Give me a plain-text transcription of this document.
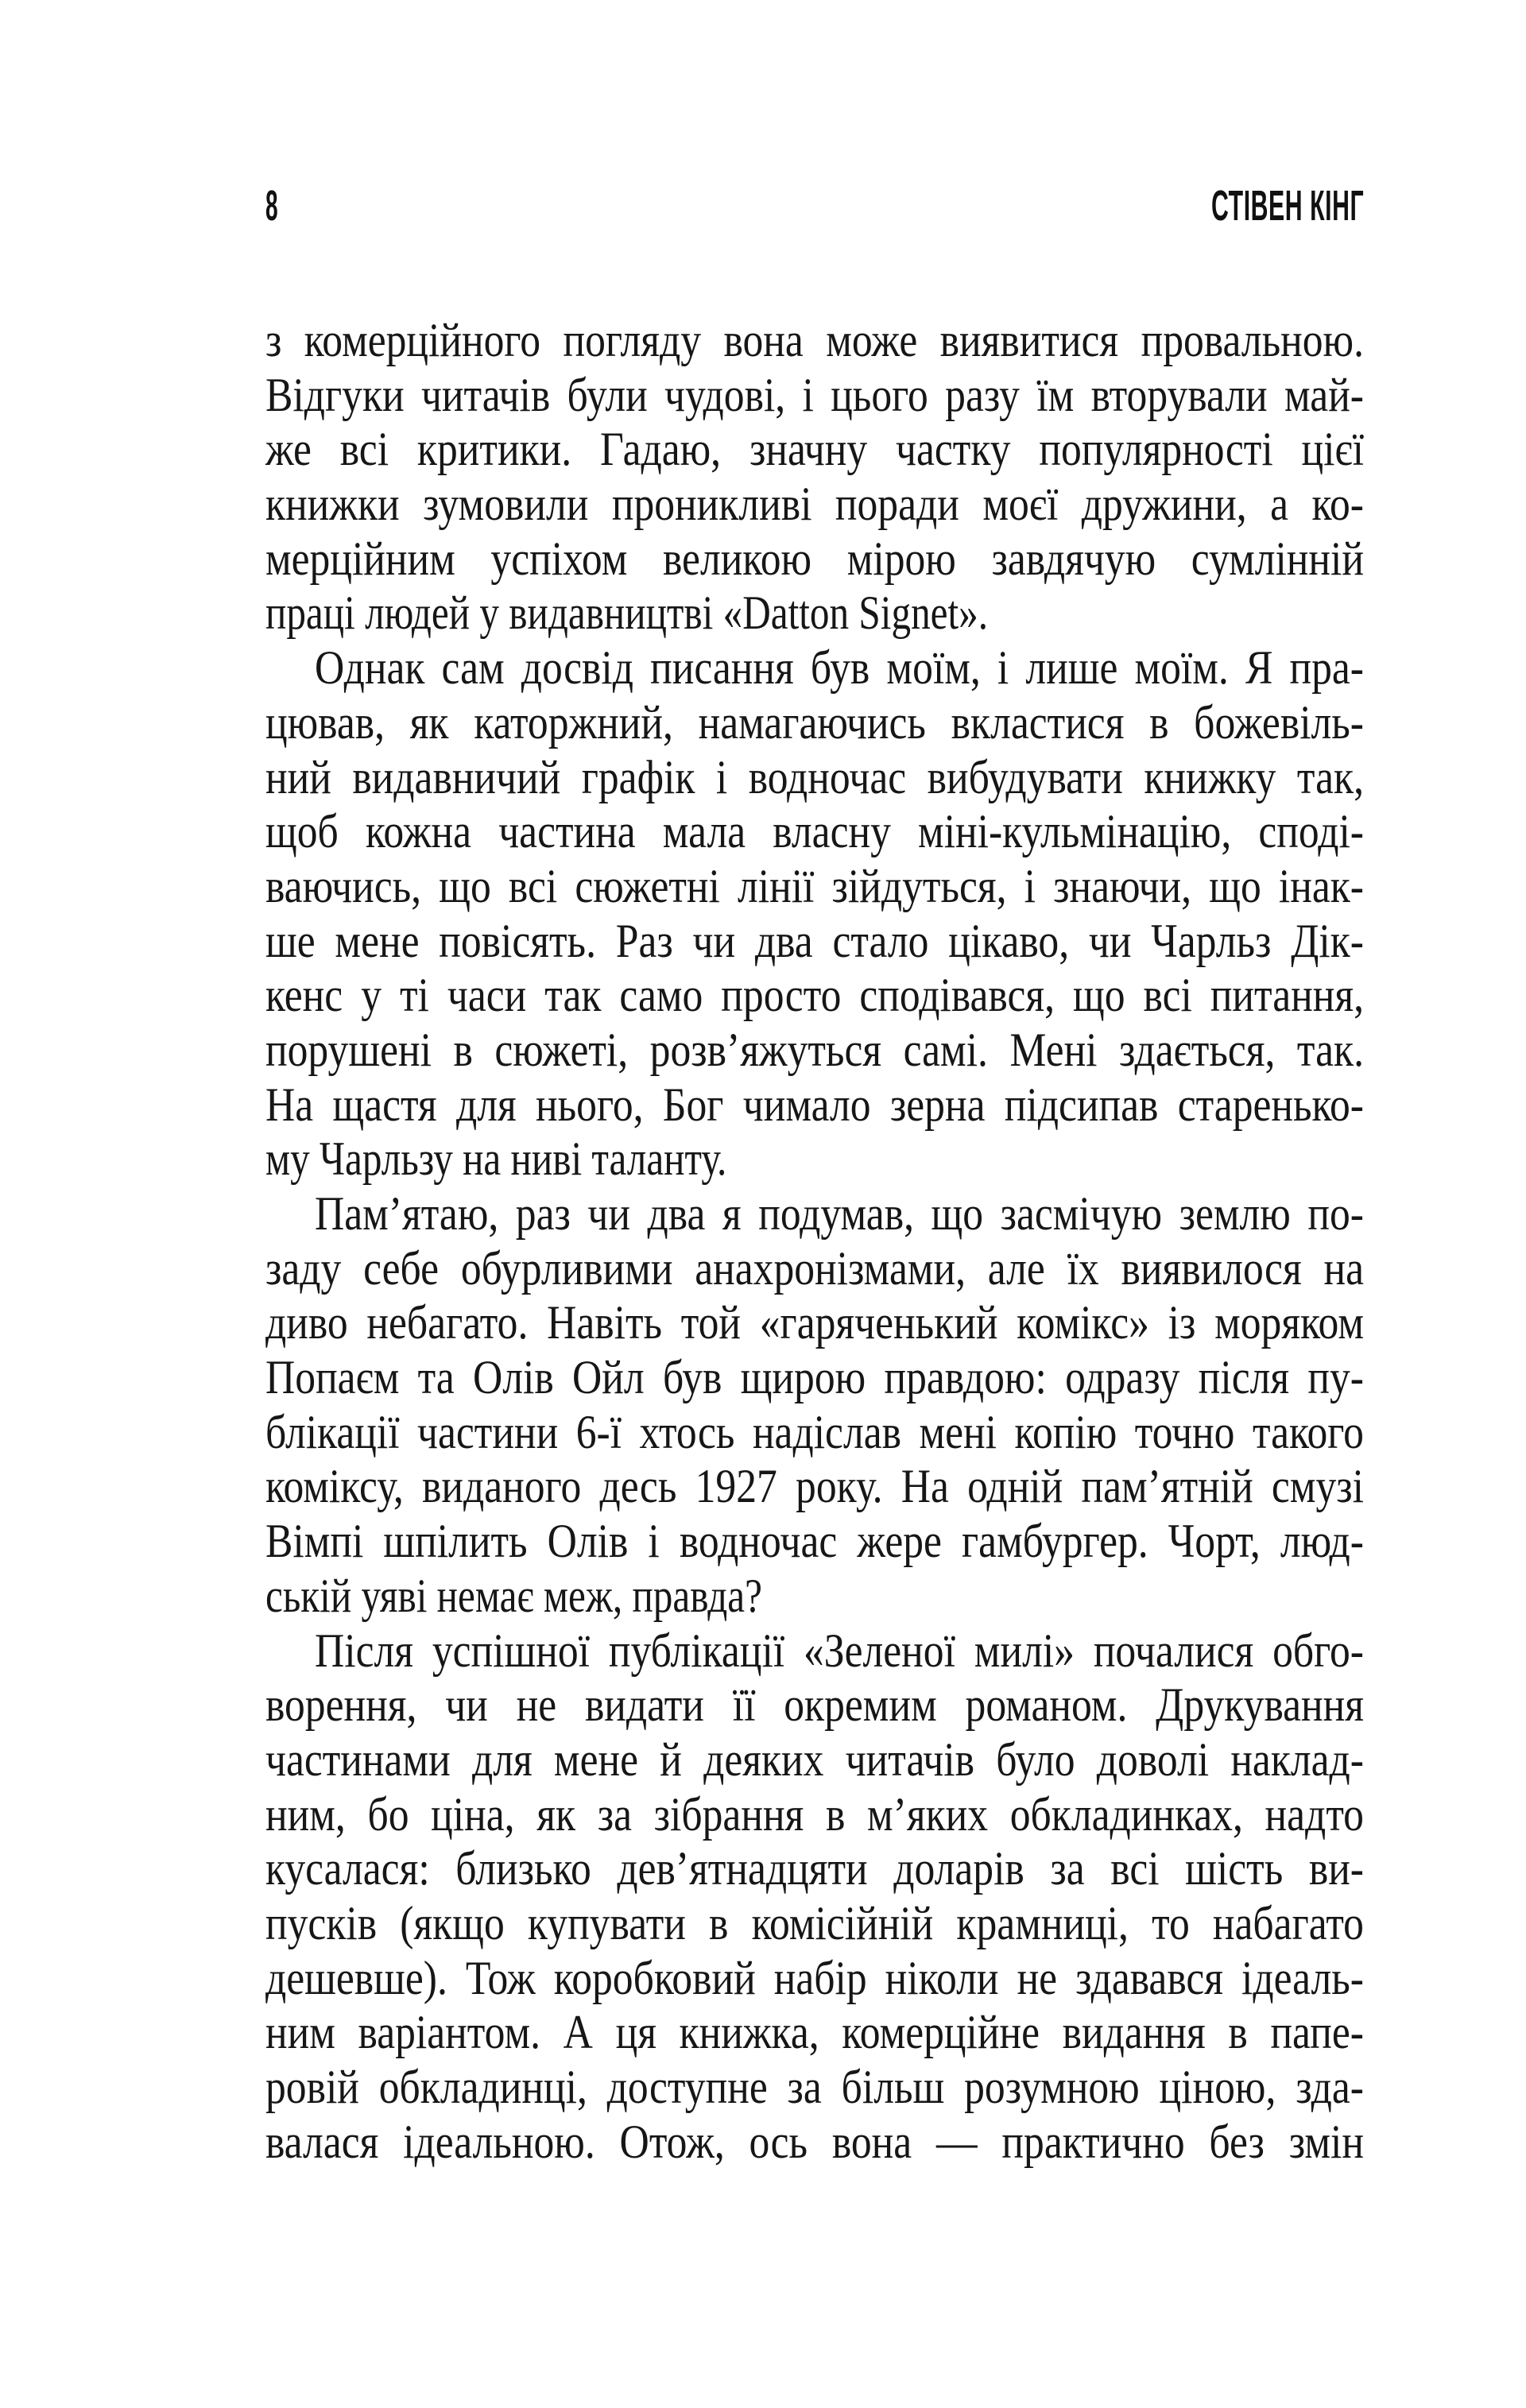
8	СТІВЕН КІНГ
з комерційного погляду вона може виявитися провальною.
Відгуки читачів були чудові, і цього разу їм вторували май-
же всі критики. Гадаю, значну частку популярності цієї
книжки зумовили проникливі поради моєї дружини, а ко-
мерційним успіхом великою мірою завдячую сумлінній
праці людей у видавництві «Datton Signet».
Однак сам досвід писання був моїм, і лише моїм. Я пра-
цював, як каторжний, намагаючись вкластися в божевіль-
ний видавничий графік і водночас вибудувати книжку так,
щоб кожна частина мала власну міні-кульмінацію, споді-
ваючись, що всі сюжетні лінії зійдуться, і знаючи, що інак-
ше мене повісять. Раз чи два стало цікаво, чи Чарльз Дік-
кенс у ті часи так само просто сподівався, що всі питання,
порушені в сюжеті, розв’яжуться самі. Мені здається, так.
На щастя для нього, Бог чимало зерна підсипав старенько-
му Чарльзу на ниві таланту.
Пам’ятаю, раз чи два я подумав, що засмічую землю по-
заду себе обурливими анахронізмами, але їх виявилося на
диво небагато. Навіть той «гаряченький комікс» із моряком
Попаєм та Олів Ойл був щирою правдою: одразу після пу-
блікації частини 6-ї хтось надіслав мені копію точно такого
коміксу, виданого десь 1927 року. На одній пам’ятній смузі
Вімпі шпілить Олів і водночас жере гамбургер. Чорт, люд-
ській уяві немає меж, правда?
Після успішної публікації «Зеленої милі» почалися обго-
ворення, чи не видати її окремим романом. Друкування
частинами для мене й деяких читачів було доволі наклад-
ним, бо ціна, як за зібрання в м’яких обкладинках, надто
кусалася: близько дев’ятнадцяти доларів за всі шість ви-
пусків (якщо купувати в комісійній крамниці, то набагато
дешевше). Тож коробковий набір ніколи не здавався ідеаль-
ним варіантом. А ця книжка, комерційне видання в папе-
ровій обкладинці, доступне за більш розумною ціною, зда-
валася ідеальною. Отож, ось вона — практично без змін
